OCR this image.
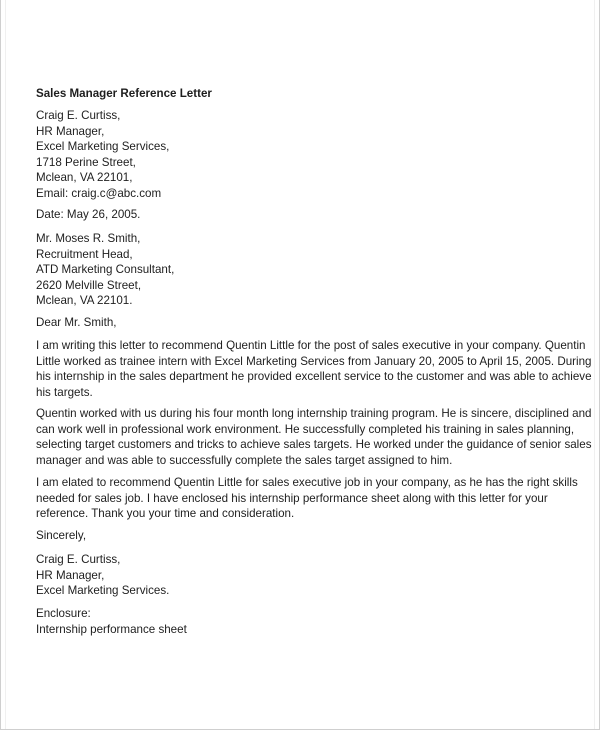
Sales Manager Reference Letter
Craig E. Curtiss,
HR Manager,
Excel Marketing Services,
1718 Perine Street,
Mclean, VA 22101,
Email: craig.c@abc.com
Date: May 26, 2005.
Mr. Moses R. Smith,
Recruitment Head,
ATD Marketing Consultant,
2620 Melville Street,
Mclean, VA 22101.
Dear Mr. Smith,
I am writing this letter to recommend Quentin Little for the post of sales executive in your company. Quentin
Little worked as trainee intern with Excel Marketing Services from January 20, 2005 to April 15, 2005. During
his internship in the sales department he provided excellent service to the customer and was able to achieve
his targets.
Quentin worked with us during his four month long internship training program. He is sincere, disciplined and
can work well in professional work environment. He successfully completed his training in sales planning,
selecting target customers and tricks to achieve sales targets. He worked under the guidance of senior sales
manager and was able to successfully complete the sales target assigned to him.
I am elated to recommend Quentin Little for sales executive job in your company, as he has the right skills
needed for sales job. I have enclosed his internship performance sheet along with this letter for your
reference. Thank you your time and consideration.
Sincerely,
Craig E. Curtiss,
HR Manager,
Excel Marketing Services.
Enclosure:
Internship performance sheet
